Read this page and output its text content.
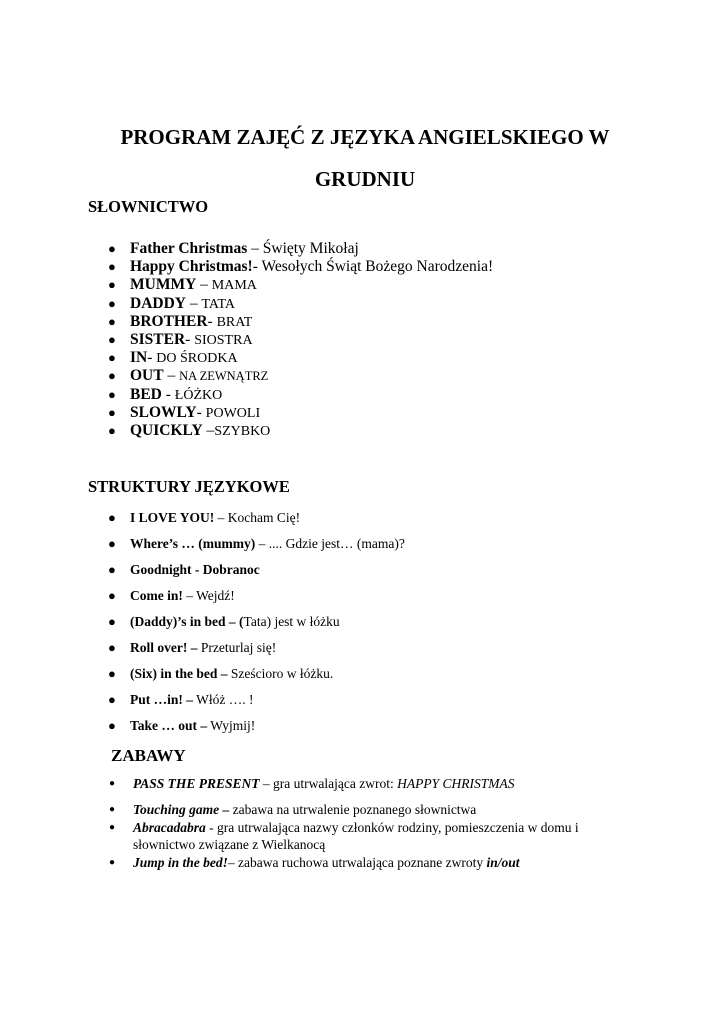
PROGRAM ZAJĘĆ Z JĘZYKA ANGIELSKIEGO W
GRUDNIU
SŁOWNICTWO
● Father Christmas – Święty Mikołaj
● Happy Christmas!- Wesołych Świąt Bożego Narodzenia!
● MUMMY – MAMA
● DADDY – TATA
● BROTHER- BRAT
● SISTER- SIOSTRA
● IN- DO ŚRODKA
● OUT – NA ZEWNĄTRZ
● BED - ŁÓŻKO
● SLOWLY- POWOLI
● QUICKLY –SZYBKO
STRUKTURY JĘZYKOWE
● I LOVE YOU! – Kocham Cię!
● Where’s … (mummy) – .... Gdzie jest… (mama)?
● Goodnight - Dobranoc
● Come in! – Wejdź!
● (Daddy)’s in bed – (Tata) jest w łóżku
● Roll over! – Przeturlaj się!
● (Six) in the bed – Sześcioro w łóżku.
● Put …in! – Włóż …. !
● Take … out – Wyjmij!
ZABAWY
● PASS THE PRESENT – gra utrwalająca zwrot: HAPPY CHRISTMAS
● Touching game – zabawa na utrwalenie poznanego słownictwa
● Abracadabra - gra utrwalająca nazwy członków rodziny, pomieszczenia w domu i słownictwo związane z Wielkanocą
● Jump in the bed!– zabawa ruchowa utrwalająca poznane zwroty in/out
